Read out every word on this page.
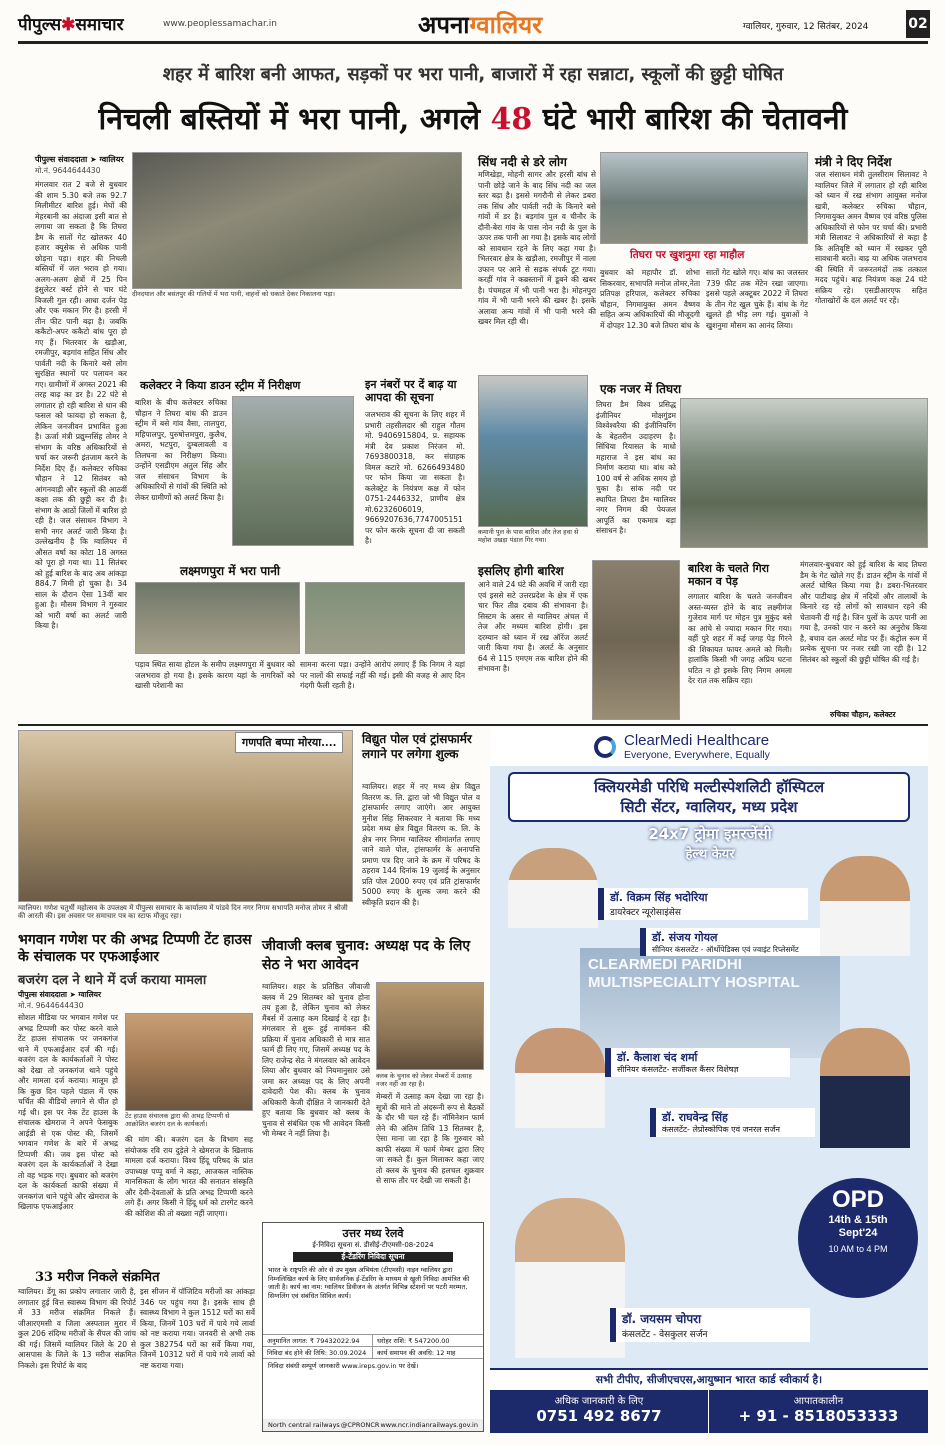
पीपुल्स✱समाचार	www.peoplessamachar.in	अपनाग्वालियर	ग्वालियर, गुरुवार, 12 सितंबर, 2024	02
शहर में बारिश बनी आफत, सड़कों पर भरा पानी, बाजारों में रहा सन्नाटा, स्कूलों की छुट्टी घोषित
निचली बस्तियों में भरा पानी, अगले 48 घंटे भारी बारिश की चेतावनी
पीपुल्स संवाददाता ➤ ग्वालियर
मो.नं. 9644644430
मंगलवार रात 2 बजे से बुधवार की शाम 5.30 बजे तक 92.7 मिलीमीटर बारिश हुई। मेघों की मेहरबानी का अंदाजा इसी बात से लगाया जा सकता है कि तिघरा डैम के सातों गेट खोलकर 40 हजार क्यूसेक से अधिक पानी छोड़ना पड़ा। शहर की निचली बस्तियों में जल भराव हो गया। अलग-अलग क्षेत्रों में 25 पिन इंसुलेटर बर्स्ट होने से चार घंटे बिजली गुल रही। आधा दर्जन पेड़ और एक मकान गिर है। हरसी में तीन फीट पानी बढ़ा है। जबकि ककैटो-अपर ककैटो बांध पूरा हो गए हैं। भितरवार के खड़ौआ, रमजीपुर, बड़गांव सहित सिंध और पार्वती नदी के किनारे बसे लोग सुरक्षित स्थानों पर पलायन कर गए। ग्रामीणों में अगस्त 2021 की तरह बाढ़ का डर है। 22 घंटे से लगातार हो रही बारिश से धान की फसल को फायदा हो सकता है, लेकिन जनजीवन प्रभावित हुआ है। ऊर्जा मंत्री प्रद्युम्नसिंह तोमर ने संभाग के वरिष्ठ अधिकारियों से चर्चा कर जरूरी इंतजाम करने के निर्देश दिए हैं। कलेक्टर रुचिका चौहान ने 12 सितंबर को आंगनवाड़ी और स्कूलों की आठवीं कक्षा तक की छुट्टी कर दी है। संभाग के आठों जिलों में बारिश हो रही है। जल संसाधन विभाग ने सभी नगर अलर्ट जारी किया है। उल्लेखनीय है कि ग्वालियर में औसत वर्षा का कोटा 18 अगस्त को पूरा हो गया था। 11 सितंबर को हुई बारिश के बाद अब आंकड़ा 884.7 मिमी हो चुका है। 34 साल के दौरान ऐसा 13वीं बार हुआ है। मौसम विभाग ने गुरुवार को भारी वर्षा का अलर्ट जारी किया है।
दीनदयाल और बसंतपुर की गलियों में भरा पानी, वाहनों को धकाते देकर निकालना पड़ा।
सिंध नदी से डरे लोग
मणिखेड़ा, मोहनी सागर और हरसी बांध से पानी छोड़े जाने के बाद सिंध नदी का जल स्तर बढ़ा है। इससे मगरौनी से लेकर डबरा तक सिंध और पार्वती नदी के किनारे बसे गांवों में डर है। बड़गांव पुल व चीनौर के दौनी-बेरा गांव के पास नोन नदी के पुल के ऊपर तक पानी आ गया है। इसके बाद लोगों को सावधान रहने के लिए कहा गया है। भितरवार क्षेत्र के खड़ौआ, रमजीपुर में नाला उफान पर आने से सड़क संपर्क टूट गया। करहीं गांव ने कब्रस्तानों में डूबने की खबर है। पंचमहल में भी पानी भरा है। मोहनपुरा गांव में भी पानी भरने की खबर है। इसके अलावा अन्य गांवों में भी पानी भरने की खबर मिल रही थी।
तिघरा पर खुशनुमा रहा माहौल
बुधवार को महापौर डॉ. शोभा सिकरवार, सभापति मनोज तोमर,नेता प्रतिपक्ष हरिपाल, कलेक्टर रुचिका चौहान, निगमायुक्त अमन वैष्णव सहित अन्य अधिकारियों की मौजूदगी में दोपहर 12.30 बजे तिघरा बांध के
सातों गेट खोले गए। बांध का जलस्तर 739 फीट तक मेंटेन रखा जाएगा। इससे पहले अक्टूबर 2022 में तिघरा के तीन गेट खुल चुके हैं। बांध के गेट खुलते ही भीड़ लग गई। युवाओं ने खुशनुमा मौसम का आनंद लिया।
मंत्री ने दिए निर्देश
जल संसाधन मंत्री तुलसीराम सिलावट ने ग्वालियर जिले में लगातार हो रही बारिश को ध्यान में रख संभाग आयुक्त मनोज खत्री, कलेक्टर रुचिका चौहान, निगमायुक्त अमन वैष्णव एवं वरिष्ठ पुलिस अधिकारियों से फोन पर चर्चा की। प्रभारी मंत्री सिलावट ने अधिकारियों से कहा है कि अतिवृष्टि को ध्यान में रखकर पूरी सावधानी बरतें। बाढ़ या अधिक जलभराव की स्थिति में जरूरतमंदों तक तत्काल मदद पहुंचे। बाढ़ नियंत्रण कक्ष 24 घंटे सक्रिय रहे। एसडीआरएफ सहित गोताखोरों के दल अलर्ट पर रहें।
कलेक्टर ने किया डाउन स्ट्रीम में निरीक्षण
बारिश के बीच कलेक्टर रुचिका चौहान ने तिघरा बांध की डाउन स्ट्रीम में बसे गांव वैसा, तालपुरा, महिपालपुर, पुरुषोत्तमपुरा, कुलैथ, अमरा, भटपुरा, दुम्बलावली व तिलघना का निरीक्षण किया। उन्होंने एसडीएम अतुल सिंह और जल संसाधन विभाग के अधिकारियों से गांवों की स्थिति को लेकर ग्रामीणों को अलर्ट किया है।
इन नंबरों पर दें बाढ़ या आपदा की सूचना
जलभराव की सूचना के लिए शहर में प्रभारी तहसीलदार श्री राहुल गौतम मो. 9406915804, प्र. सहायक मंत्री देव प्रकाश निरंजन मो. 7693800318, कर संग्राहक विमल कटारे मो. 6266493480 पर फोन किया जा सकता है। कलेक्ट्रेट के नियंत्रण कक्ष में फोन 0751-2446332, प्राणीय क्षेत्र मो.6232606019, 9669207636,7747005151 पर फोन करके सूचना दी जा सकती है।
कमानी पुल के पास बारिश और तेज हवा से महोश उखड़ा पंडाल गिर गया।
एक नजर में तिघरा
तिघरा डैम विश्व प्रसिद्ध इंजीनियर मोक्षगुंडम विश्वेश्वरैया की इंजीनियरिंग के बेहतरीन उदाहरण है। सिंधिया रियासत के माधो महाराज ने इस बांध का निर्माण कराया था। बांध को 100 वर्ष से अधिक समय हो चुका है। सांक नदी पर स्थापित तिघरा डैम ग्वालियर नगर निगम की पेयजल आपूर्ति का एकमात्र बड़ा संसाधन है।
लक्ष्मणपुरा में भरा पानी
पड़ाव स्थित साया होटल के समीप लक्ष्मणपुरा में बुधवार को जलभराव हो गया है। इसके कारण यहां के नागरिकों को खासी परेशानी का
सामना करना पड़ा। उन्होंने आरोप लगाए हैं कि निगम ने यहां पर नालों की सफाई नहीं की गई। इसी की वजह से आए दिन गंदगी फैली रहती है।
इसलिए होगी बारिश
आने वाले 24 घंटे की अवधि में जारी रहा एवं इससे सटे उत्तरप्रदेश के क्षेत्र में एक चार फिर तीव्र दबाव की संभावना है। सिस्टम के असर से ग्वालियर अंचल में तेज और मध्यम बारिश होगी। इस दरम्यान को ध्यान में रख ऑरेंज अलर्ट जारी किया गया है। अलर्ट के अनुसार 64 से 115 एमएम तक बारिश होने की संभावना है।
बारिश के चलते गिरा मकान व पेड़
लगातार बारिश के चलते जनजीवन अस्त-व्यस्त होने के बाद लक्ष्मीगंज गुजेराव मार्ग पर मोहन पुत्र मुकुंद बसे का आंचे से ज्यादा मकान गिर गया। वहीं पुरे शहर में कई जगह पेड़ गिरने की शिकायत फायर अमले को मिली। हालांकि किसी भी जगह अप्रिय घटना घटित न हो इसके लिए निगम अमला देर रात तक सक्रिय रहा।
मंगलवार-बुधवार को हुई बारिश के बाद तिघरा डैम के गेट खोले गए हैं। डाउन स्ट्रीम के गांवों में अलर्ट घोषित किया गया है। डबरा-भितरवार और पाटीयाइ क्षेत्र में नदियों और तालाबों के किनारे रह रहे लोगों को सावधान रहने की चेतावनी दी गई है। जिन पुलों के ऊपर पानी आ गया है, उनको पार न करने का अनुरोध किया है, बचाव दल अलर्ट मोड पर हैं। कंट्रोल रूम में प्रत्येक सूचना पर नजर रखी जा रही है। 12 सितंबर को स्कूलों की छुट्टी घोषित की गई है।
रुचिका चौहान, कलेक्टर
गणपति बप्पा मोरया....
ग्वालियर। गणेश चतुर्थी महोत्सव के उपलक्ष्य में पीपुल्स समाचार के कार्यालय में पांडवे दिन नगर निगम सभापति मनोज तोमर ने श्रीजी की आरती की। इस अवसर पर समाचार पत्र का स्टाफ मौजूद रहा।
विद्युत पोल एवं ट्रांसफार्मर लगाने पर लगेगा शुल्क
ग्वालियर। शहर में नए मध्य क्षेत्र विद्युत वितरण क. लि. द्वारा जो भी विद्युत पोल व ट्रांसफार्मर लगाए जाएंगे। आर आयुक्त मुनीश सिंह सिकरवार ने बताया कि मध्य प्रदेश मध्य क्षेत्र विद्युत वितरण क. लि. के क्षेत्र नगर निगम ग्वालियर सीमांतर्गत लगाए जाने वाले पोल, ट्रांसफार्मर के अनापत्ति प्रमाण पत्र दिए जाने के क्रम में परिषद के ठहराव 144 दिनांक 19 जुलाई के अनुसार प्रति पोल 2000 रुपए एवं प्रति ट्रांसफार्मर 5000 रुपए के शुल्क जमा करने की स्वीकृति प्रदान की है।
भगवान गणेश पर की अभद्र टिप्पणी टेंट हाउस के संचालक पर एफआईआर
बजरंग दल ने थाने में दर्ज कराया मामला
पीपुल्स संवाददाता ➤ ग्वालियर
मो.नं. 9644644430
सोशल मीडिया पर भगवान गणेश पर अभद्र टिप्पणी कर पोस्ट करने वाले टेंट हाउस संचालक पर जनकगंज थाने में एफआईआर दर्ज की गई। बजरंग दल के कार्यकर्ताओं ने पोस्ट को देखा तो जनकगंज थाने पहुंचे और मामला दर्ज कराया। मालूम हो कि कुछ दिन पहले पंडाल में एक चर्चित की वीडियो लगाने से चीत हो गई थी। इस पर नेक टेंट हाउस के संचालक खेमराज ने अपने फेसबुक आईडी से एक पोस्ट की, जिसमें भगवान गणेश के बारे में अभद्र टिप्पणी की। जब इस पोस्ट को बजरंग दल के कार्यकर्ताओं ने देखा तो वह भड़क गए। बुधवार को बजरंग दल के कार्यकर्ता काफी संख्या में जनकगंज थाने पहुंचे और खेमराज के खिलाफ एफआईआर
टेंट हाउस संचालक द्वारा की अभद्र टिप्पणी से आक्रोशित बजरंग दल के कार्यकर्ता।
की मांग की। बजरंग दल के विभाग सह संयोजक रवि राय दुड़ेले ने खेमराज के खिलाफ मामला दर्ज कराया। विश्व हिंदू परिषद के प्रांत उपाध्यक्ष पप्पू वर्मा ने कहा, आजकल नास्तिक मानसिकता के लोग भारत की सनातन संस्कृति और देवी-देवताओं के प्रति अभद्र टिप्पणी करने लगे हैं। अगर किसी ने हिंदू धर्म को टारगेट करने की कोशिश की तो बख्शा नहीं जाएगा।
जीवाजी क्लब चुनाव: अध्यक्ष पद के लिए सेठ ने भरा आवेदन
ग्वालियर। शहर के प्रतिष्ठित जीवाजी क्लब में 29 सितम्बर को चुनाव होना तय हुआ है, लेकिन चुनाव को लेकर मैंबर्स में उत्साह कम दिखाई दे रहा है। मंगलवार से शुरू हुई नामांकन की प्रक्रिया में चुनाव अधिकारी से मात्र सात फार्म ही लिए गए, जिसमें अध्यक्ष पद के लिए राजेन्द्र सेठ ने मंगलवार को आवेदन लिया और बुधवार को नियमानुसार उसे जमा कर अध्यक्ष पद के लिए अपनी दावेदारी पेश की। क्लब के चुनाव अधिकारी केजी दीक्षित ने जानकारी देते हुए बताया कि बुधवार को क्लब के चुनाव से संबंधित एक भी आवेदन किसी भी मेम्बर ने नहीं लिया है।
क्लब के चुनाव को लेकर मेम्बरों में उत्साह नजर नहीं आ रहा है।
मेम्बरों में उत्साह कम देखा जा रहा है। सूत्रों की माने तो अंदरूनी रूप से बैठकों के दौर भी चल रहे हैं। नॉमिनेशन फार्म लेने की अंतिम तिथि 13 सितम्बर है, ऐसा माना जा रहा है कि गुरुवार को काफी संख्या में फार्म मेम्बर द्वारा लिए जा सकते हैं। कुल मिलाकर कहा जाए तो क्लब के चुनाव की हलचल शुक्रवार से साफ तौर पर देखी जा सकती है।
33 मरीज निकले संक्रमित
ग्वालियर। डेंगू का प्रकोप लगातार जारी है, लगातार हुई वित्त स्वास्थ्य विभाग की रिपोर्ट में 33 मरीज संक्रमित निकले हैं। जीआरएमसी व जिला अस्पताल मुरार में कुल 206 संदिग्ध मरीजों के सैंपल की जांच की गई। जिसमें ग्वालियर जिले के 20 से आसपास के जिले के 13 मरीज संक्रमित निकले। इस रिपोर्ट के बाद
इस सीजन में पॉजिटिव मरीजों का आंकड़ा 346 पर पहुंच गया है। इसके साथ ही स्वास्थ्य विभाग ने कुल 1512 घरों का सर्वे किया, जिनमें 103 घरों में पाये गये लार्वा को नष्ट कराया गया। जनवरी से अभी तक कुल 382754 घरों का सर्वे किया गया, जिनमें 10312 घरों में पाये गये लार्वा को नष्ट कराया गया।
उत्तर मध्य रेलवे
ई-निविदा सूचना सं. डीसीई-टीएमसी-08-2024
ई-टेंडरिंग निविदा सूचना
भारत के राष्ट्रपति की ओर से उप मुख्य अभियंता (टीएमसी) नाइन ग्वालियर द्वारा निम्नलिखित कार्य के लिए सार्वजनिक ई-टेंडरिंग के माध्यम से खुली निविदा आमंत्रित की जाती है। कार्य का नाम: ग्वालियर डिवीजन के अंतर्गत विभिन्न स्टेशनों पर पटरी मरम्मत, सिग्नलिंग एवं संबंधित सिविल कार्य।
अनुमानित लागत: ₹ 79432022.94	धरोहर राशि: ₹ 547200.00
निविदा बंद होने की तिथि: 30.09.2024	कार्य समापन की अवधि: 12 माह
निविदा संबंधी सम्पूर्ण जानकारी www.ireps.gov.in पर देखें।
North central railways @CPRONCR www.ncr.indianrailways.gov.in
ClearMedi Healthcare
Everyone, Everywhere, Equally
क्लियरमेडी परिधि मल्टीस्पेशलिटी हॉस्पिटल
सिटी सेंटर, ग्वालियर, मध्य प्रदेश
24x7 ट्रोमा इमरजेंसी
हेल्थ केयर
CLEARMEDI PARIDHI MULTISPECIALITY HOSPITAL
डॉ. विक्रम सिंह भदोरिया
डायरेक्टर न्यूरोसाइंसेस
डॉ. संजय गोयल
सीनियर कंसलटेंट - ऑर्थोपेडिक्स एवं ज्वाइंट रिप्लेसमेंट
डॉ. कैलाश चंद शर्मा
सीनियर कंसलटेंट- सर्जीकल कैंसर विशेषज्ञ
डॉ. राघवेन्द्र सिंह
कंसलटेंट- लेप्रोस्कोपिक एवं जनरल सर्जन
डॉ. जयसम चोपरा
कंसलटेंट - वेसकुलर सर्जन
OPD
14th & 15th Sept'24
10 AM to 4 PM
सभी टीपीए, सीजीएचएस,आयुष्मान भारत कार्ड स्वीकार्य है।
अधिक जानकारी के लिए
0751 492 8677
आपातकालीन
+ 91 - 8518053333
